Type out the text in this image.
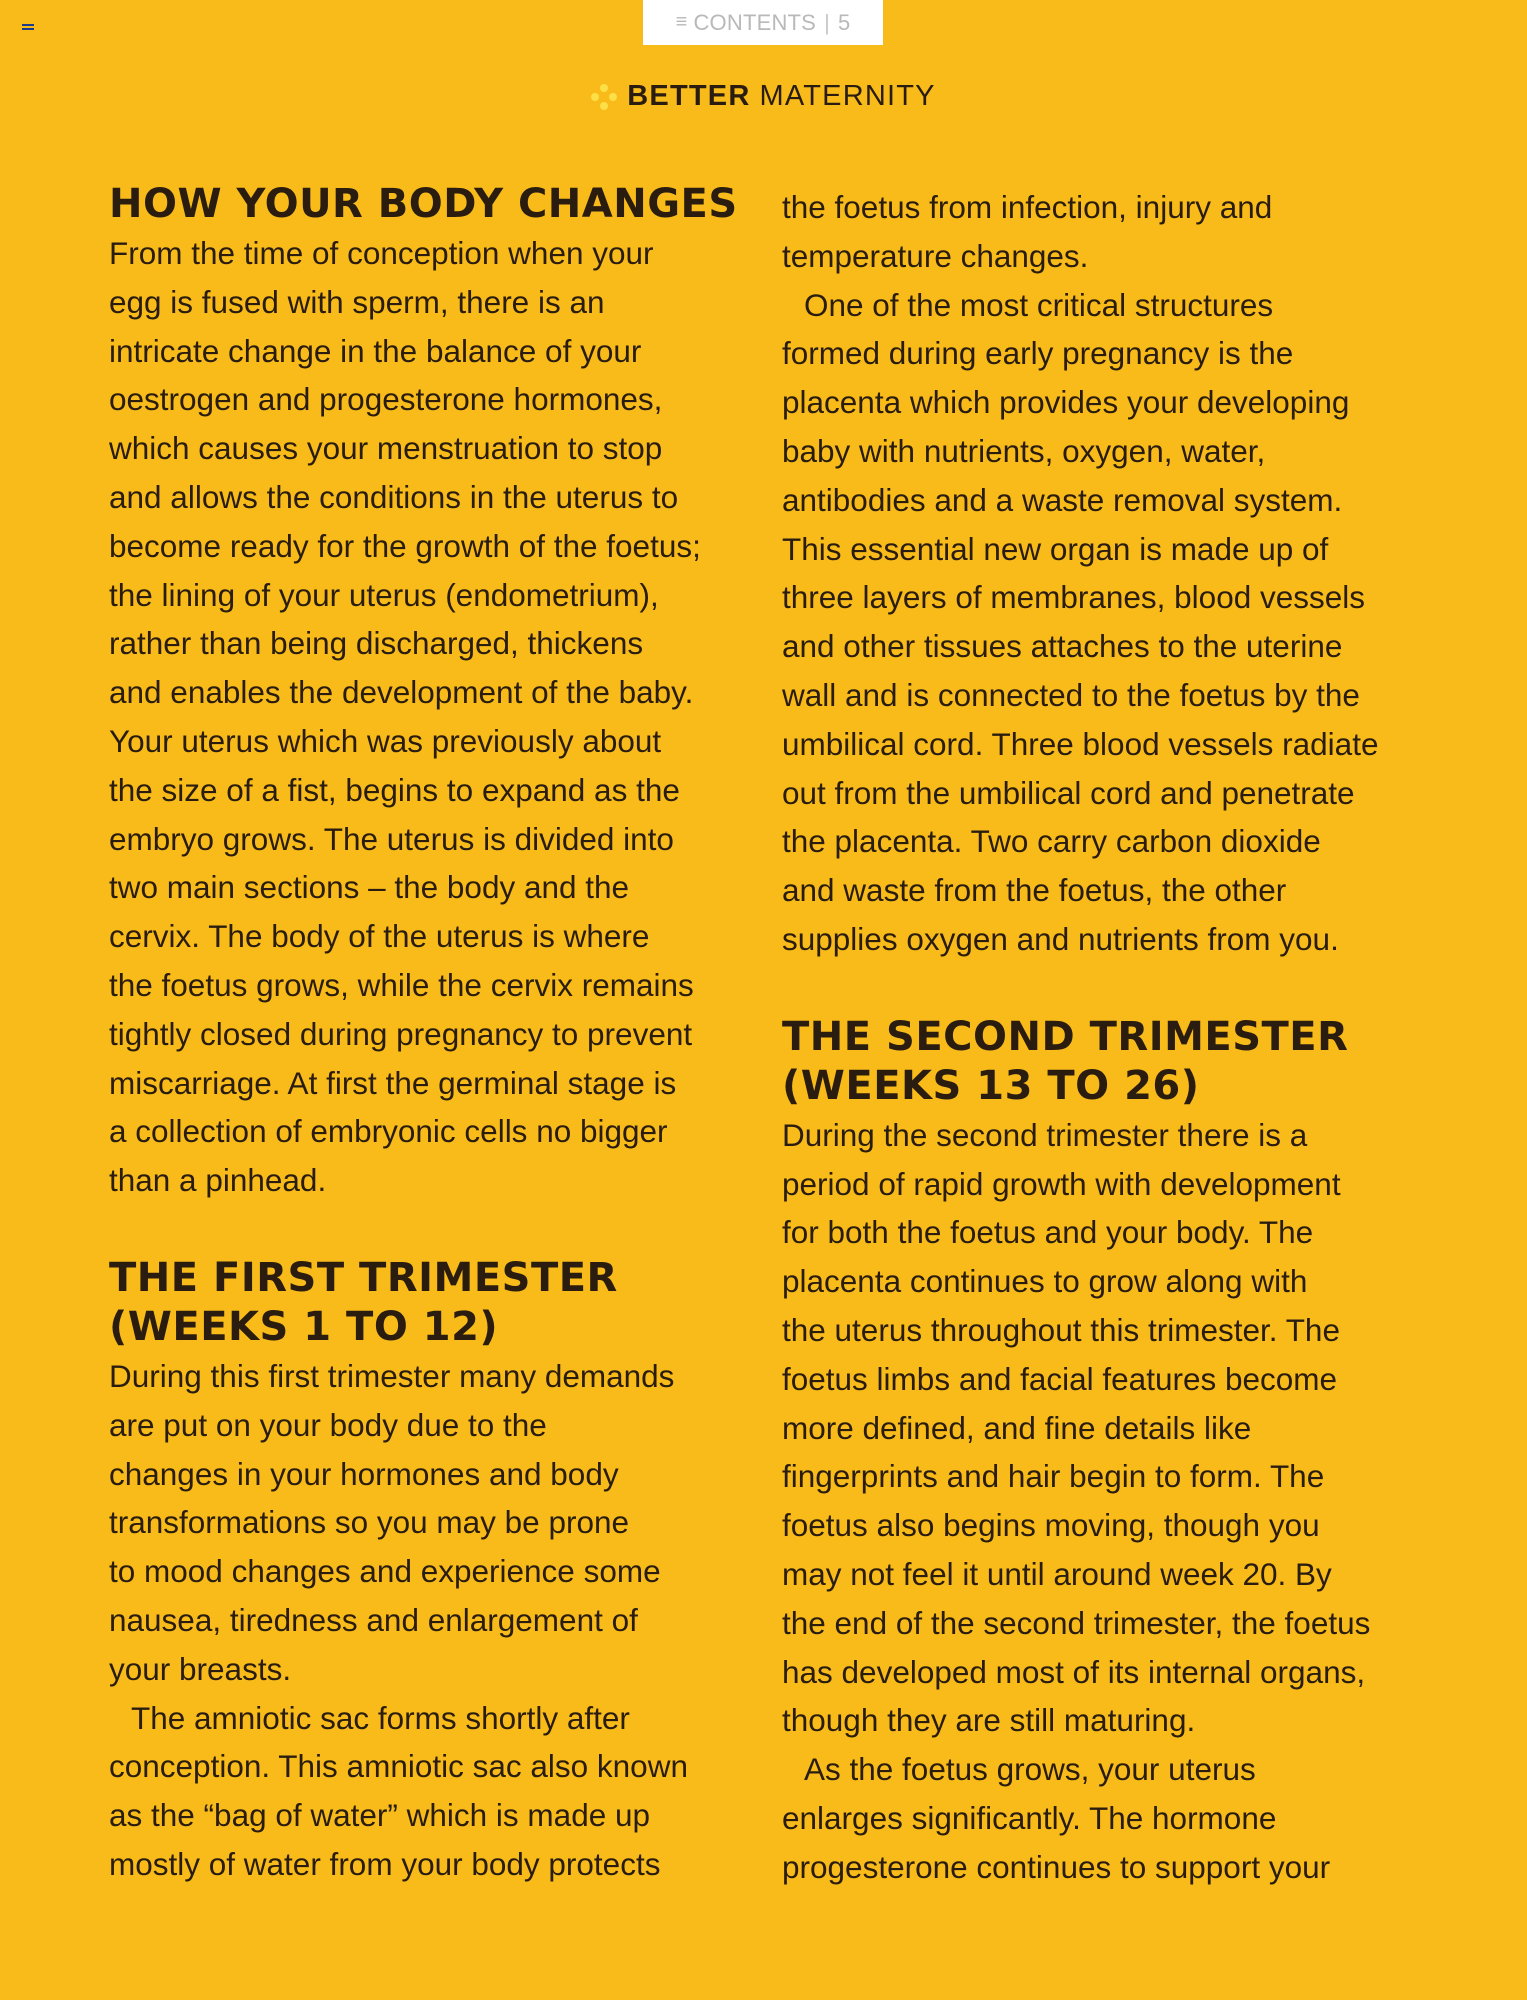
≡ CONTENTS | 5
BETTER MATERNITY
HOW YOUR BODY CHANGES

From the time of conception when your
egg is fused with sperm, there is an
intricate change in the balance of your
oestrogen and progesterone hormones,
which causes your menstruation to stop
and allows the conditions in the uterus to
become ready for the growth of the foetus;
the lining of your uterus (endometrium),
rather than being discharged, thickens
and enables the development of the baby.
Your uterus which was previously about
the size of a fist, begins to expand as the
embryo grows. The uterus is divided into
two main sections – the body and the
cervix. The body of the uterus is where
the foetus grows, while the cervix remains
tightly closed during pregnancy to prevent
miscarriage. At first the germinal stage is
a collection of embryonic cells no bigger
than a pinhead.

THE FIRST TRIMESTER
(WEEKS 1 TO 12)

During this first trimester many demands
are put on your body due to the
changes in your hormones and body
transformations so you may be prone
to mood changes and experience some
nausea, tiredness and enlargement of
your breasts.

The amniotic sac forms shortly after
conception. This amniotic sac also known
as the “bag of water” which is made up
mostly of water from your body protects

the foetus from infection, injury and
temperature changes.

One of the most critical structures
formed during early pregnancy is the
placenta which provides your developing
baby with nutrients, oxygen, water,
antibodies and a waste removal system.
This essential new organ is made up of
three layers of membranes, blood vessels
and other tissues attaches to the uterine
wall and is connected to the foetus by the
umbilical cord. Three blood vessels radiate
out from the umbilical cord and penetrate
the placenta. Two carry carbon dioxide
and waste from the foetus, the other
supplies oxygen and nutrients from you.

THE SECOND TRIMESTER
(WEEKS 13 TO 26)

During the second trimester there is a
period of rapid growth with development
for both the foetus and your body. The
placenta continues to grow along with
the uterus throughout this trimester. The
foetus limbs and facial features become
more defined, and fine details like
fingerprints and hair begin to form. The
foetus also begins moving, though you
may not feel it until around week 20. By
the end of the second trimester, the foetus
has developed most of its internal organs,
though they are still maturing.

As the foetus grows, your uterus
enlarges significantly. The hormone
progesterone continues to support your
